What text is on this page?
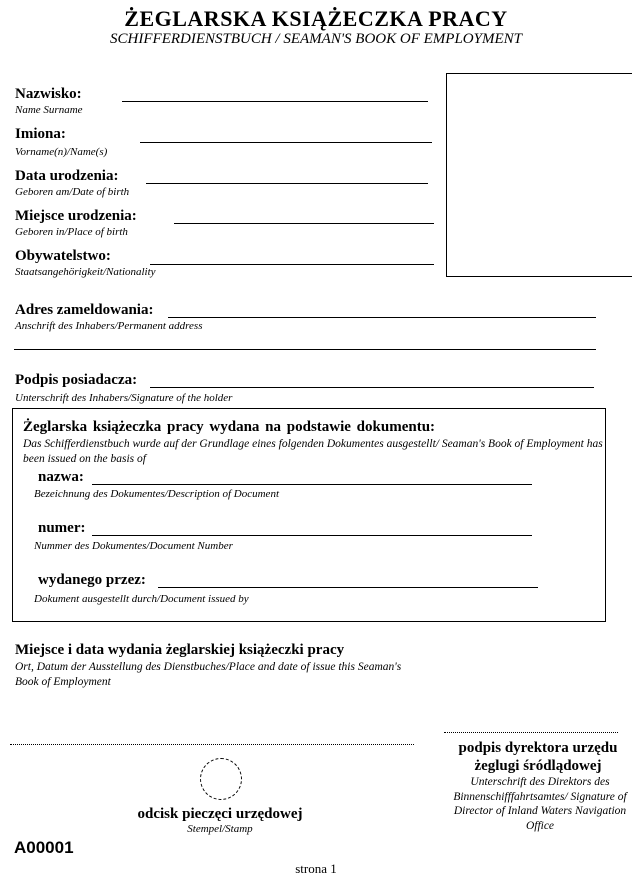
ŻEGLARSKA KSIĄŻECZKA PRACY
SCHIFFERDIENSTBUCH / SEAMAN'S BOOK OF EMPLOYMENT
Nazwisko:
Name Surname
Imiona:
Vorname(n)/Name(s)
Data urodzenia:
Geboren am/Date of birth
Miejsce urodzenia:
Geboren in/Place of birth
Obywatelstwo:
Staatsangehörigkeit/Nationality
Adres zameldowania:
Anschrift des Inhabers/Permanent address
Podpis posiadacza:
Unterschrift des Inhabers/Signature of the holder
Żeglarska książeczka pracy wydana na podstawie dokumentu:
Das Schifferdienstbuch wurde auf der Grundlage eines folgenden Dokumentes ausgestellt/ Seaman's Book of Employment has been issued on the basis of
nazwa:
Bezeichnung des Dokumentes/Description of Document
numer:
Nummer des Dokumentes/Document Number
wydanego przez:
Dokument ausgestellt durch/Document issued by
Miejsce i data wydania żeglarskiej książeczki pracy
Ort, Datum der Ausstellung des Dienstbuches/Place and date of issue this Seaman's Book of Employment
odcisk pieczęci urzędowej
Stempel/Stamp
podpis dyrektora urzędu żeglugi śródlądowej
Unterschrift des Direktors des Binnenschifffahrtsamtes/ Signature of Director of Inland Waters Navigation Office
A00001
strona 1
